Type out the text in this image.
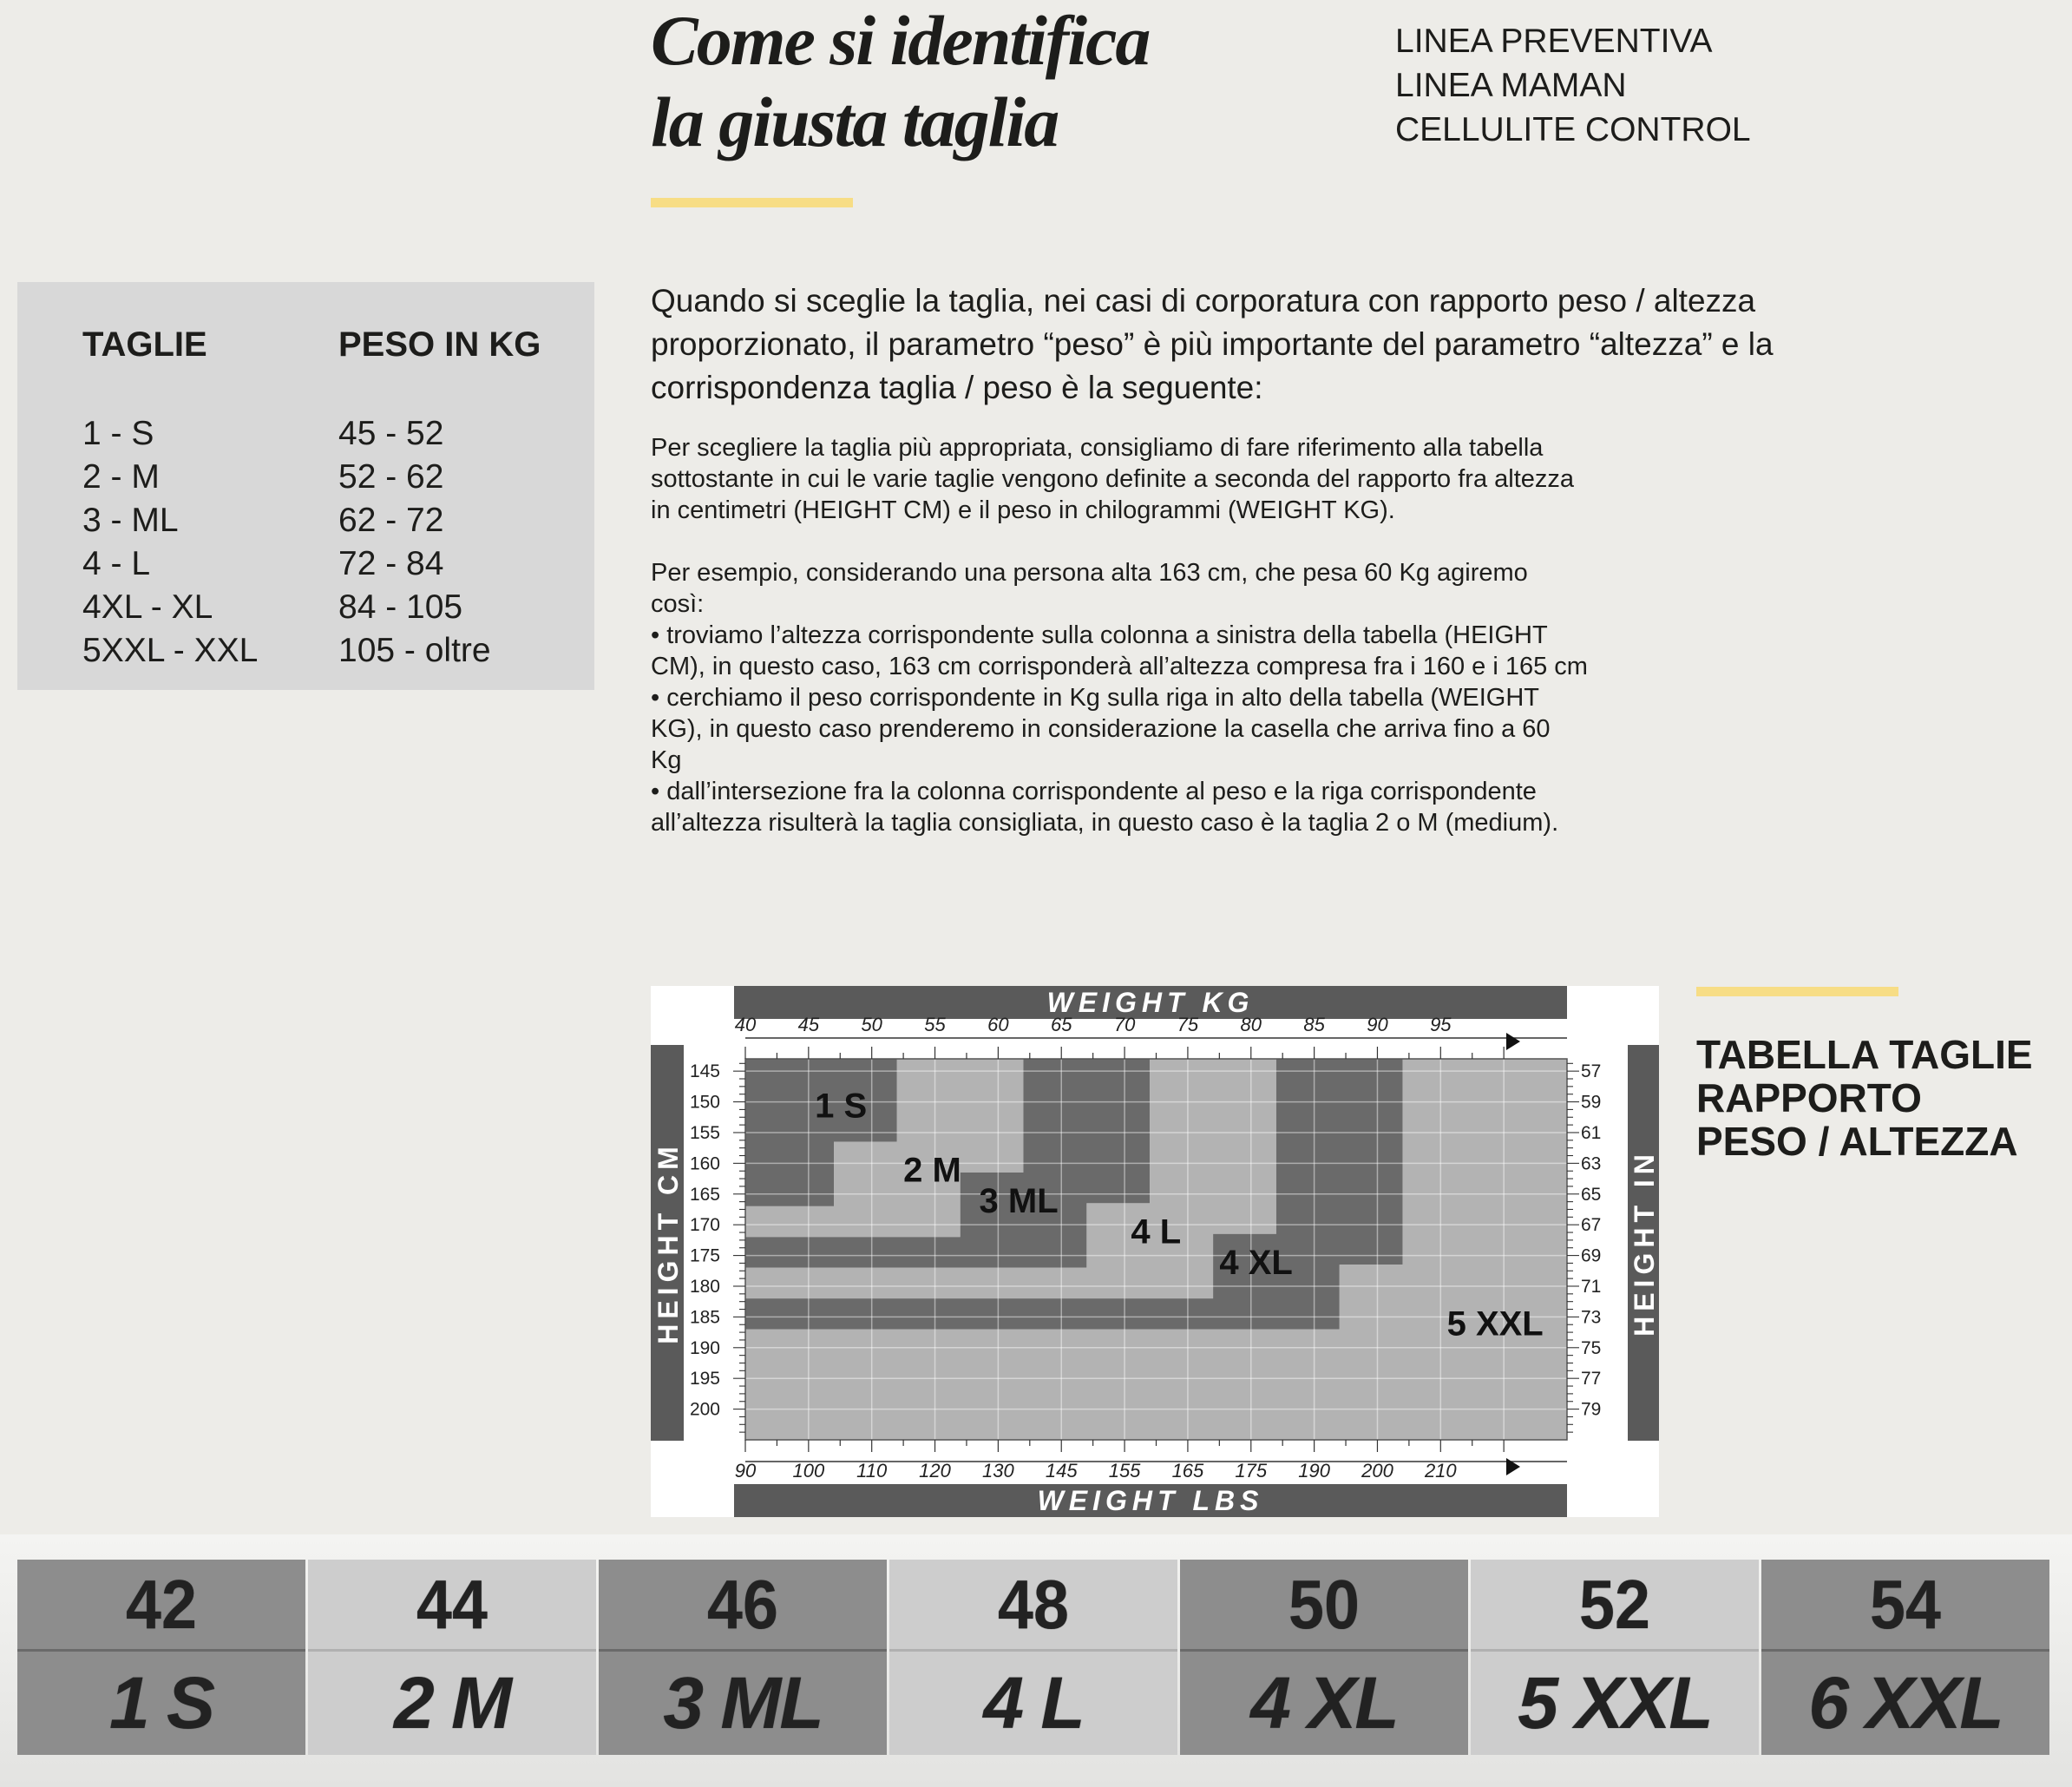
Come si identifica
la giusta taglia
LINEA PREVENTIVA
LINEA MAMAN
CELLULITE CONTROL
TAGLIE	PESO IN KG
1 - S
2 - M
3 - ML
4 - L
4XL - XL
5XXL - XXL
45 - 52
52 - 62
62 - 72
72 - 84
84 - 105
105 - oltre
Quando si sceglie la taglia, nei casi di corporatura con rapporto peso / altezza proporzionato, il parametro “peso” è più importante del parametro “altezza” e la corrispondenza taglia / peso è la seguente:

Per scegliere la taglia più appropriata, consigliamo di fare riferimento alla tabella sottostante in cui le varie taglie vengono definite a seconda del rapporto fra altezza in centimetri (HEIGHT CM) e il peso in chilogrammi (WEIGHT KG).

Per esempio, considerando una persona alta 163 cm, che pesa 60 Kg agiremo così:

• troviamo l’altezza corrispondente sulla colonna a sinistra della tabella (HEIGHT CM), in questo caso, 163 cm corrisponderà all’altezza compresa fra i 160 e i 165 cm

• cerchiamo il peso corrispondente in Kg sulla riga in alto della tabella (WEIGHT KG), in questo caso prenderemo in considerazione la casella che arriva fino a 60 Kg

• dall’intersezione fra la colonna corrispondente al peso e la riga corrispondente all’altezza risulterà la taglia consigliata, in questo caso è la taglia 2 o M (medium).

WEIGHT KG
WEIGHT LBS
HEIGHT CM	HEIGHT IN
40 45 50 55 60 65 70 75 80 85 90 95
90 100 110 120 130 145 155 165 175 190 200 210
145
150
155
160
165
170
175
180
185
190
195
200
57
59
61
63
65
67
69
71
73
75
77
79
1 S
2 M
3 ML
4 L
4 XL
5 XXL
TABELLA TAGLIE
RAPPORTO
PESO / ALTEZZA
42
1 S
44
2 M
46
3 ML
48
4 L
50
4 XL
52
5 XXL
54
6 XXL
